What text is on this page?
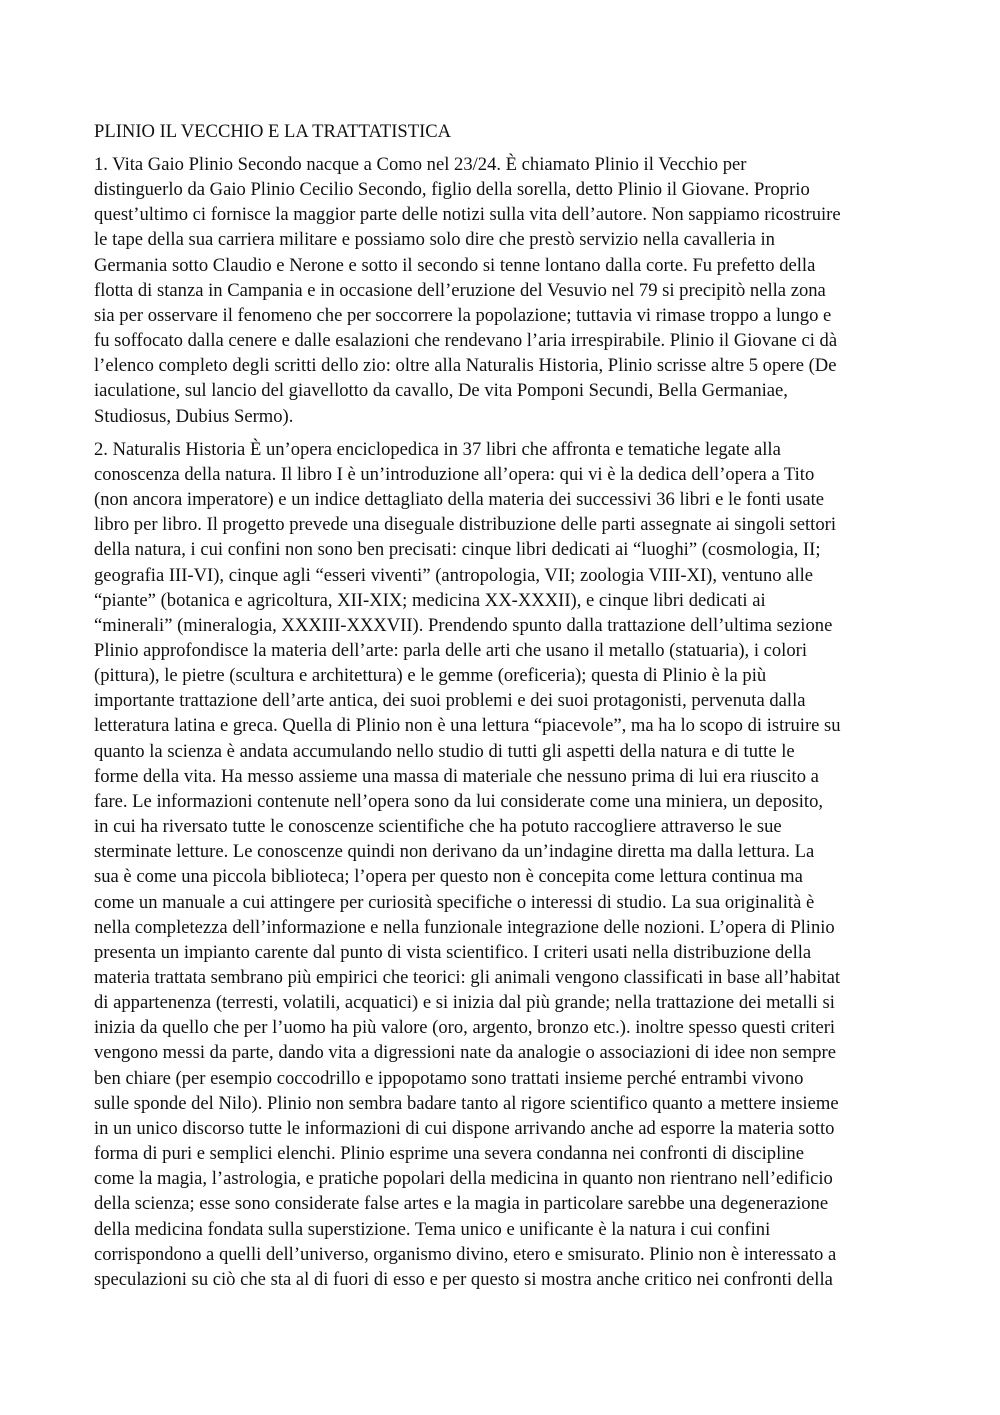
PLINIO IL VECCHIO E LA TRATTATISTICA
1. Vita Gaio Plinio Secondo nacque a Como nel 23/24. È chiamato Plinio il Vecchio per
distinguerlo da Gaio Plinio Cecilio Secondo, figlio della sorella, detto Plinio il Giovane. Proprio
quest’ultimo ci fornisce la maggior parte delle notizi sulla vita dell’autore. Non sappiamo ricostruire
le tape della sua carriera militare e possiamo solo dire che prestò servizio nella cavalleria in
Germania sotto Claudio e Nerone e sotto il secondo si tenne lontano dalla corte. Fu prefetto della
flotta di stanza in Campania e in occasione dell’eruzione del Vesuvio nel 79 si precipitò nella zona
sia per osservare il fenomeno che per soccorrere la popolazione; tuttavia vi rimase troppo a lungo e
fu soffocato dalla cenere e dalle esalazioni che rendevano l’aria irrespirabile. Plinio il Giovane ci dà
l’elenco completo degli scritti dello zio: oltre alla Naturalis Historia, Plinio scrisse altre 5 opere (De
iaculatione, sul lancio del giavellotto da cavallo, De vita Pomponi Secundi, Bella Germaniae,
Studiosus, Dubius Sermo).
2. Naturalis Historia È un’opera enciclopedica in 37 libri che affronta e tematiche legate alla
conoscenza della natura. Il libro I è un’introduzione all’opera: qui vi è la dedica dell’opera a Tito
(non ancora imperatore) e un indice dettagliato della materia dei successivi 36 libri e le fonti usate
libro per libro. Il progetto prevede una diseguale distribuzione delle parti assegnate ai singoli settori
della natura, i cui confini non sono ben precisati: cinque libri dedicati ai “luoghi” (cosmologia, II;
geografia III-VI), cinque agli “esseri viventi” (antropologia, VII; zoologia VIII-XI), ventuno alle
“piante” (botanica e agricoltura, XII-XIX; medicina XX-XXXII), e cinque libri dedicati ai
“minerali” (mineralogia, XXXIII-XXXVII). Prendendo spunto dalla trattazione dell’ultima sezione
Plinio approfondisce la materia dell’arte: parla delle arti che usano il metallo (statuaria), i colori
(pittura), le pietre (scultura e architettura) e le gemme (oreficeria); questa di Plinio è la più
importante trattazione dell’arte antica, dei suoi problemi e dei suoi protagonisti, pervenuta dalla
letteratura latina e greca. Quella di Plinio non è una lettura “piacevole”, ma ha lo scopo di istruire su
quanto la scienza è andata accumulando nello studio di tutti gli aspetti della natura e di tutte le
forme della vita. Ha messo assieme una massa di materiale che nessuno prima di lui era riuscito a
fare. Le informazioni contenute nell’opera sono da lui considerate come una miniera, un deposito,
in cui ha riversato tutte le conoscenze scientifiche che ha potuto raccogliere attraverso le sue
sterminate letture. Le conoscenze quindi non derivano da un’indagine diretta ma dalla lettura. La
sua è come una piccola biblioteca; l’opera per questo non è concepita come lettura continua ma
come un manuale a cui attingere per curiosità specifiche o interessi di studio. La sua originalità è
nella completezza dell’informazione e nella funzionale integrazione delle nozioni. L’opera di Plinio
presenta un impianto carente dal punto di vista scientifico. I criteri usati nella distribuzione della
materia trattata sembrano più empirici che teorici: gli animali vengono classificati in base all’habitat
di appartenenza (terresti, volatili, acquatici) e si inizia dal più grande; nella trattazione dei metalli si
inizia da quello che per l’uomo ha più valore (oro, argento, bronzo etc.). inoltre spesso questi criteri
vengono messi da parte, dando vita a digressioni nate da analogie o associazioni di idee non sempre
ben chiare (per esempio coccodrillo e ippopotamo sono trattati insieme perché entrambi vivono
sulle sponde del Nilo). Plinio non sembra badare tanto al rigore scientifico quanto a mettere insieme
in un unico discorso tutte le informazioni di cui dispone arrivando anche ad esporre la materia sotto
forma di puri e semplici elenchi. Plinio esprime una severa condanna nei confronti di discipline
come la magia, l’astrologia, e pratiche popolari della medicina in quanto non rientrano nell’edificio
della scienza; esse sono considerate false artes e la magia in particolare sarebbe una degenerazione
della medicina fondata sulla superstizione. Tema unico e unificante è la natura i cui confini
corrispondono a quelli dell’universo, organismo divino, etero e smisurato. Plinio non è interessato a
speculazioni su ciò che sta al di fuori di esso e per questo si mostra anche critico nei confronti della
